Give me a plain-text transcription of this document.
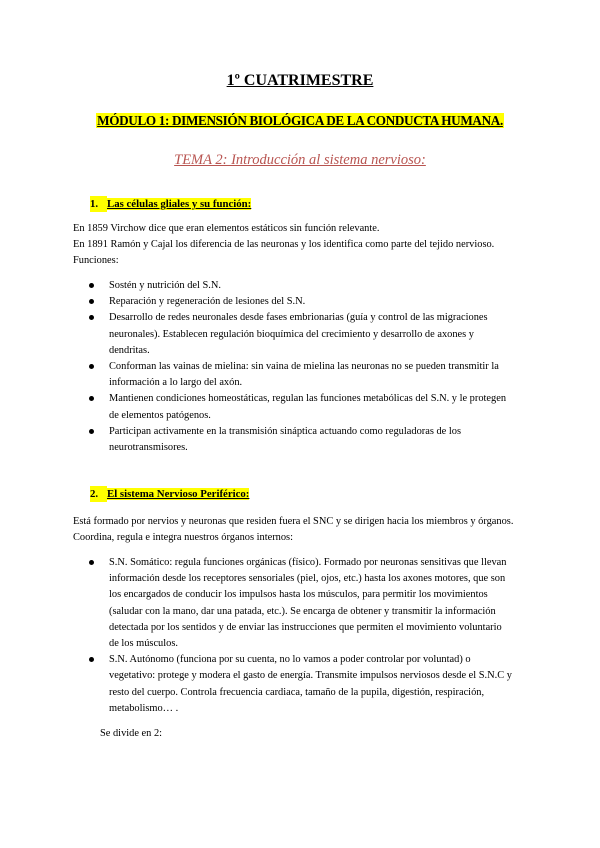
1º CUATRIMESTRE
MÓDULO 1: DIMENSIÓN BIOLÓGICA DE LA CONDUCTA HUMANA.
TEMA 2: Introducción al sistema nervioso:
1. Las células gliales y su función:
En 1859 Virchow dice que eran elementos estáticos sin función relevante.
En 1891 Ramón y Cajal los diferencia de las neuronas y los identifica como parte del tejido nervioso.
Funciones:
Sostén y nutrición del S.N.
Reparación y regeneración de lesiones del S.N.
Desarrollo de redes neuronales desde fases embrionarias (guía y control de las migraciones neuronales). Establecen regulación bioquímica del crecimiento y desarrollo de axones y dendritas.
Conforman las vainas de mielina: sin vaina de mielina las neuronas no se pueden transmitir la información a lo largo del axón.
Mantienen condiciones homeostáticas, regulan las funciones metabólicas del S.N. y le protegen de elementos patógenos.
Participan activamente en la transmisión sináptica actuando como reguladoras de los neurotransmisores.
2. El sistema Nervioso Periférico:
Está formado por nervios y neuronas que residen fuera el SNC y se dirigen hacia los miembros y órganos. Coordina, regula e integra nuestros órganos internos:
S.N. Somático: regula funciones orgánicas (físico). Formado por neuronas sensitivas que llevan información desde los receptores sensoriales (piel, ojos, etc.) hasta los axones motores, que son los encargados de conducir los impulsos hasta los músculos, para permitir los movimientos (saludar con la mano, dar una patada, etc.). Se encarga de obtener y transmitir la información detectada por los sentidos y de enviar las instrucciones que permiten el movimiento voluntario de los músculos.
S.N. Autónomo (funciona por su cuenta, no lo vamos a poder controlar por voluntad) o vegetativo: protege y modera el gasto de energía. Transmite impulsos nerviosos desde el S.N.C y resto del cuerpo. Controla frecuencia cardiaca, tamaño de la pupila, digestión, respiración, metabolismo… .
Se divide en 2:
